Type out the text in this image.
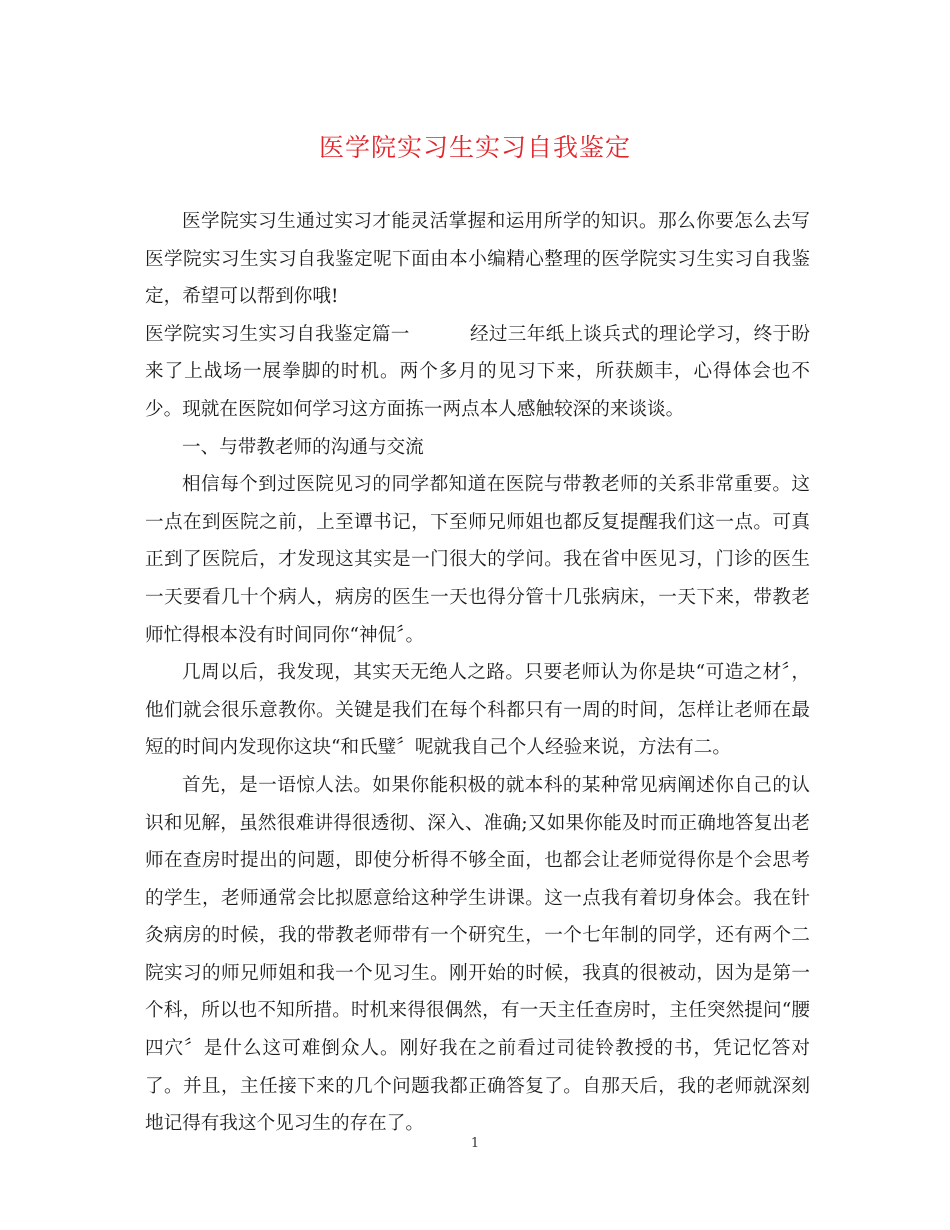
医学院实习生实习自我鉴定

医学院实习生通过实习才能灵活掌握和运用所学的知识。那么你要怎么去写医学院实习生实习自我鉴定呢下面由本小编精心整理的医学院实习生实习自我鉴定，希望可以帮到你哦!

医学院实习生实习自我鉴定篇一	经过三年纸上谈兵式的理论学习，终于盼来了上战场一展拳脚的时机。两个多月的见习下来，所获颇丰，心得体会也不少。现就在医院如何学习这方面拣一两点本人感触较深的来谈谈。

一、与带教老师的沟通与交流

相信每个到过医院见习的同学都知道在医院与带教老师的关系非常重要。这一点在到医院之前，上至谭书记，下至师兄师姐也都反复提醒我们这一点。可真正到了医院后，才发现这其实是一门很大的学问。我在省中医见习，门诊的医生一天要看几十个病人，病房的医生一天也得分管十几张病床，一天下来，带教老师忙得根本没有时间同你“神侃〞。

几周以后，我发现，其实天无绝人之路。只要老师认为你是块“可造之材〞，他们就会很乐意教你。关键是我们在每个科都只有一周的时间，怎样让老师在最短的时间内发现你这块“和氏璧〞呢就我自己个人经验来说，方法有二。

首先，是一语惊人法。如果你能积极的就本科的某种常见病阐述你自己的认识和见解，虽然很难讲得很透彻、深入、准确;又如果你能及时而正确地答复出老师在查房时提出的问题，即使分析得不够全面，也都会让老师觉得你是个会思考的学生，老师通常会比拟愿意给这种学生讲课。这一点我有着切身体会。我在针灸病房的时候，我的带教老师带有一个研究生，一个七年制的同学，还有两个二院实习的师兄师姐和我一个见习生。刚开始的时候，我真的很被动，因为是第一个科，所以也不知所措。时机来得很偶然，有一天主任查房时，主任突然提问“腰四穴〞是什么这可难倒众人。刚好我在之前看过司徒铃教授的书，凭记忆答对了。并且，主任接下来的几个问题我都正确答复了。自那天后，我的老师就深刻地记得有我这个见习生的存在了。

1
